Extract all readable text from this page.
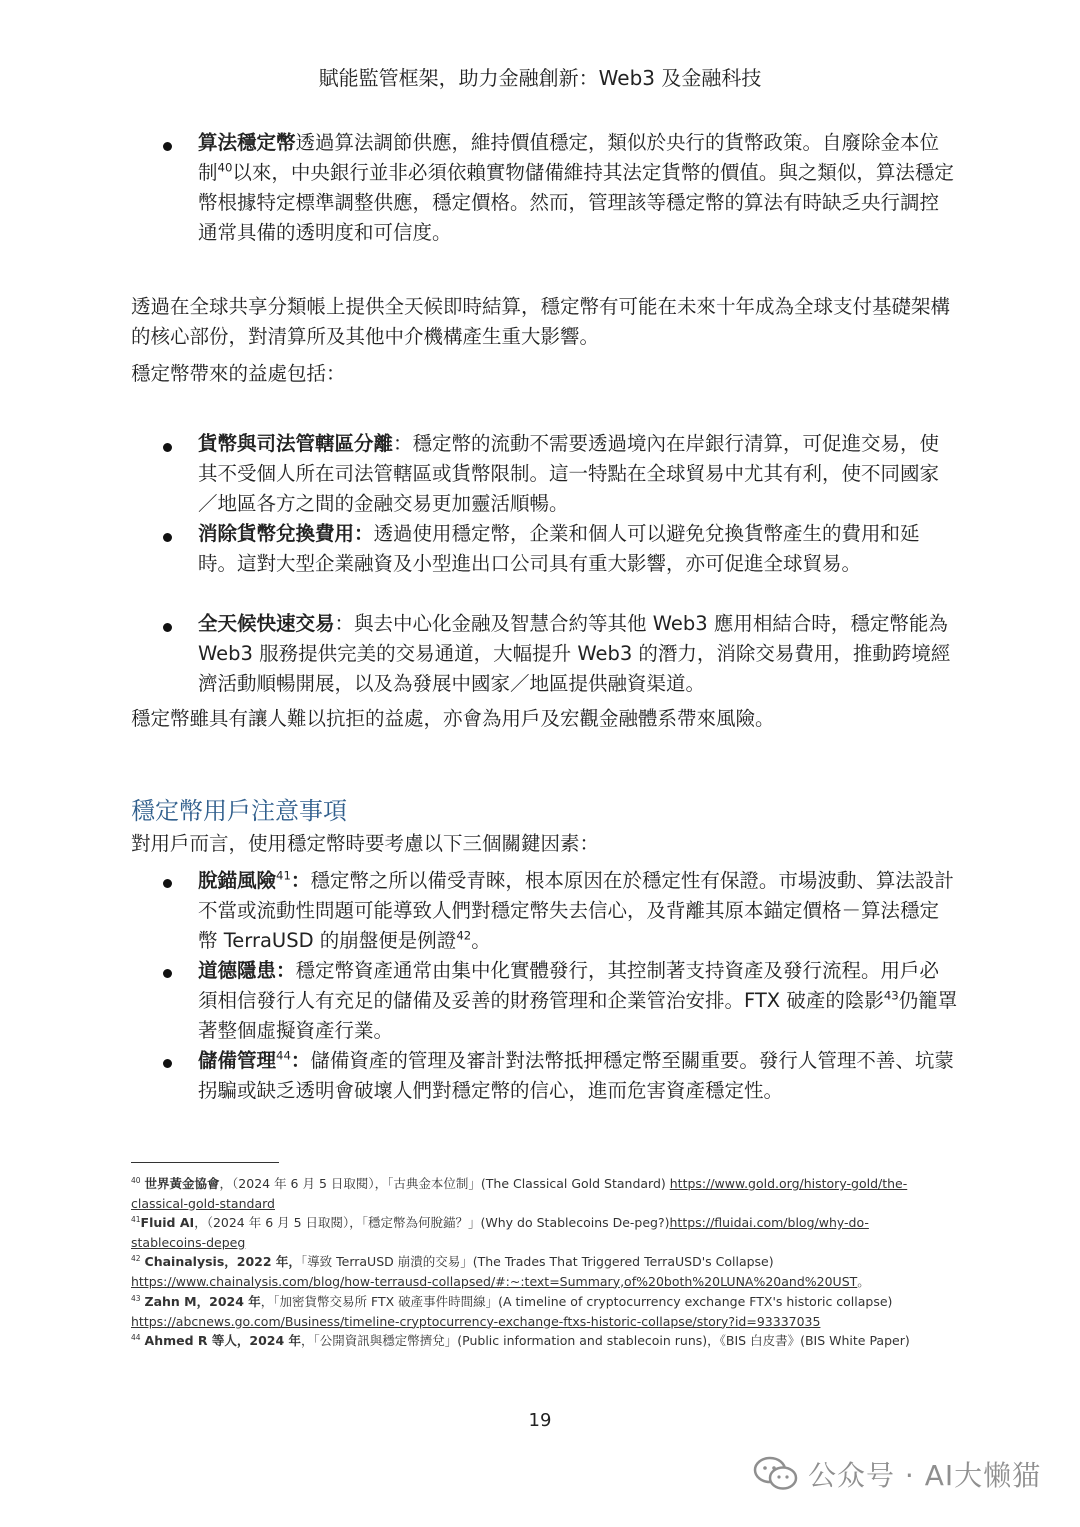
賦能監管框架，助力金融創新：Web3 及金融科技
算法穩定幣透過算法調節供應，維持價值穩定，類似於央行的貨幣政策。自廢除金本位制$^{40}$以來，中央銀行並非必須依賴實物儲備維持其法定貨幣的價值。與之類似，算法穩定幣根據特定標準調整供應，穩定價格。然而，管理該等穩定幣的算法有時缺乏央行調控通常具備的透明度和可信度。
透過在全球共享分類帳上提供全天候即時結算，穩定幣有可能在未來十年成為全球支付基礎架構的核心部份，對清算所及其他中介機構產生重大影響。
穩定幣帶來的益處包括：
貨幣與司法管轄區分離：穩定幣的流動不需要透過境內在岸銀行清算，可促進交易，使其不受個人所在司法管轄區或貨幣限制。這一特點在全球貿易中尤其有利，使不同國家／地區各方之間的金融交易更加靈活順暢。
消除貨幣兌換費用：透過使用穩定幣，企業和個人可以避免兌換貨幣產生的費用和延時。這對大型企業融資及小型進出口公司具有重大影響，亦可促進全球貿易。
全天候快速交易：與去中心化金融及智慧合約等其他 Web3 應用相結合時，穩定幣能為 Web3 服務提供完美的交易通道，大幅提升 Web3 的潛力，消除交易費用，推動跨境經濟活動順暢開展，以及為發展中國家／地區提供融資渠道。
穩定幣雖具有讓人難以抗拒的益處，亦會為用戶及宏觀金融體系帶來風險。
穩定幣用戶注意事項
對用戶而言，使用穩定幣時要考慮以下三個關鍵因素：
脫錨風險$^{41}$：穩定幣之所以備受青睞，根本原因在於穩定性有保證。市場波動、算法設計不當或流動性問題可能導致人們對穩定幣失去信心，及背離其原本錨定價格－算法穩定幣 TerraUSD 的崩盤便是例證$^{42}$。
道德隱患：穩定幣資產通常由集中化實體發行，其控制著支持資產及發行流程。用戶必須相信發行人有充足的儲備及妥善的財務管理和企業管治安排。FTX 破產的陰影$^{43}$仍籠罩著整個虛擬資產行業。
儲備管理$^{44}$：儲備資產的管理及審計對法幣抵押穩定幣至關重要。發行人管理不善、坑蒙拐騙或缺乏透明會破壞人們對穩定幣的信心，進而危害資產穩定性。
$^{40}$ 世界黃金協會，（2024 年 6 月 5 日取閱），「古典金本位制」(The Classical Gold Standard) https://www.gold.org/history-gold/the-classical-gold-standard
$^{41}$Fluid AI，（2024 年 6 月 5 日取閱），「穩定幣為何脫錨？」(Why do Stablecoins De-peg?)https://fluidai.com/blog/why-do-stablecoins-depeg
$^{42}$ Chainalysis，2022 年，「導致 TerraUSD 崩潰的交易」(The Trades That Triggered TerraUSD's Collapse) https://www.chainalysis.com/blog/how-terrausd-collapsed/#:~:text=Summary,of%20both%20LUNA%20and%20UST。
$^{43}$ Zahn M，2024 年，「加密貨幣交易所 FTX 破產事件時間線」(A timeline of cryptocurrency exchange FTX's historic collapse) https://abcnews.go.com/Business/timeline-cryptocurrency-exchange-ftxs-historic-collapse/story?id=93337035
$^{44}$ Ahmed R 等人，2024 年，「公開資訊與穩定幣擠兌」(Public information and stablecoin runs)，《BIS 白皮書》(BIS White Paper)
19
公众号 · AI大懒猫
